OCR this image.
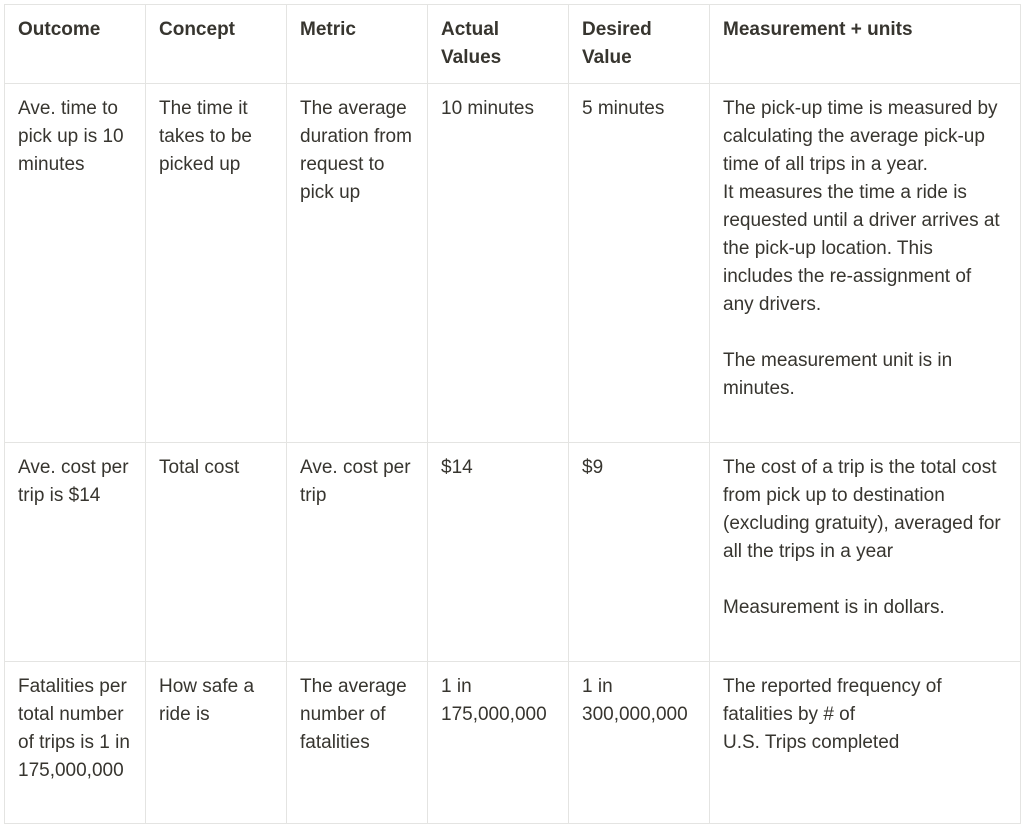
Outcome	Concept	Metric	Actual Values	Desired Value	Measurement + units
Ave. time to pick up is 10 minutes	The time it takes to be picked up	The average duration from request to pick up	10 minutes	5 minutes	The pick-up time is measured by calculating the average pick-up time of all trips in a year.
It measures the time a ride is requested until a driver arrives at the pick-up location. This includes the re-assignment of any drivers.
The measurement unit is in minutes.

Ave. cost per trip is $14	Total cost	Ave. cost per trip	$14	$9	The cost of a trip is the total cost from pick up to destination (excluding gratuity), averaged for all the trips in a year
Measurement is in dollars.

Fatalities per total number of trips is 1 in 175,000,000	How safe a ride is	The average number of fatalities	1 in 175,000,000	1 in 300,000,000	The reported frequency of fatalities by # of
U.S. Trips completed
